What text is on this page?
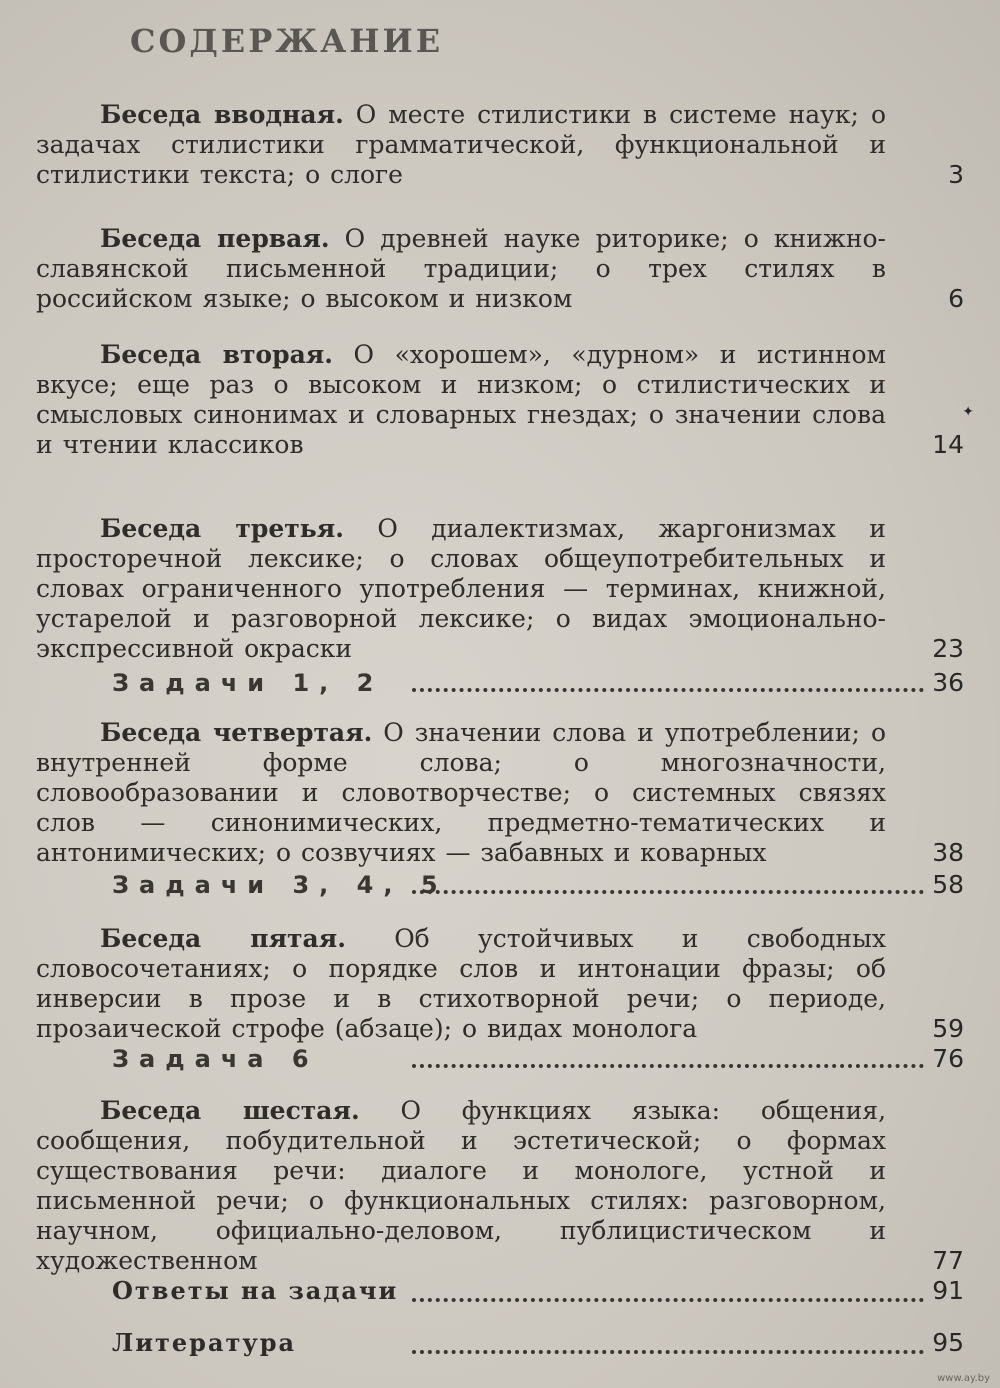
СОДЕРЖАНИЕ
Беседа вводная. О месте стилистики в системе наук; о задачах стилистики грамматической, функциональной и стилистики текста; о слоге	3
Беседа первая. О древней науке риторике; о книжно-славянской письменной традиции; о трех стилях в российском языке; о высоком и низком	6
Беседа вторая. О «хорошем», «дурном» и истинном вкусе; еще раз о высоком и низком; о стилистических и смысловых синонимах и словарных гнездах; о значении слова и чтении классиков	14
Беседа третья. О диалектизмах, жаргонизмах и просторечной лексике; о словах общеупотребительных и словах ограниченного употребления — терминах, книжной, устарелой и разговорной лексике; о видах эмоционально-экспрессивной окраски	23
Задачи 1, 2	36
Беседа четвертая. О значении слова и употреблении; о внутренней форме слова; о многозначности, словообразовании и словотворчестве; о системных связях слов — синонимических, предметно-тематических и антонимических; о созвучиях — забавных и коварных	38
Задачи 3, 4, 5	58
Беседа пятая. Об устойчивых и свободных словосочетаниях; о порядке слов и интонации фразы; об инверсии в прозе и в стихотворной речи; о периоде, прозаической строфе (абзаце); о видах монолога	59
Задача 6	76
Беседа шестая. О функциях языка: общения, сообщения, побудительной и эстетической; о формах существования речи: диалоге и монологе, устной и письменной речи; о функциональных стилях: разговорном, научном, официально-деловом, публицистическом и художественном	77
Ответы на задачи	91
Литература	95
✦
www.ay.by
